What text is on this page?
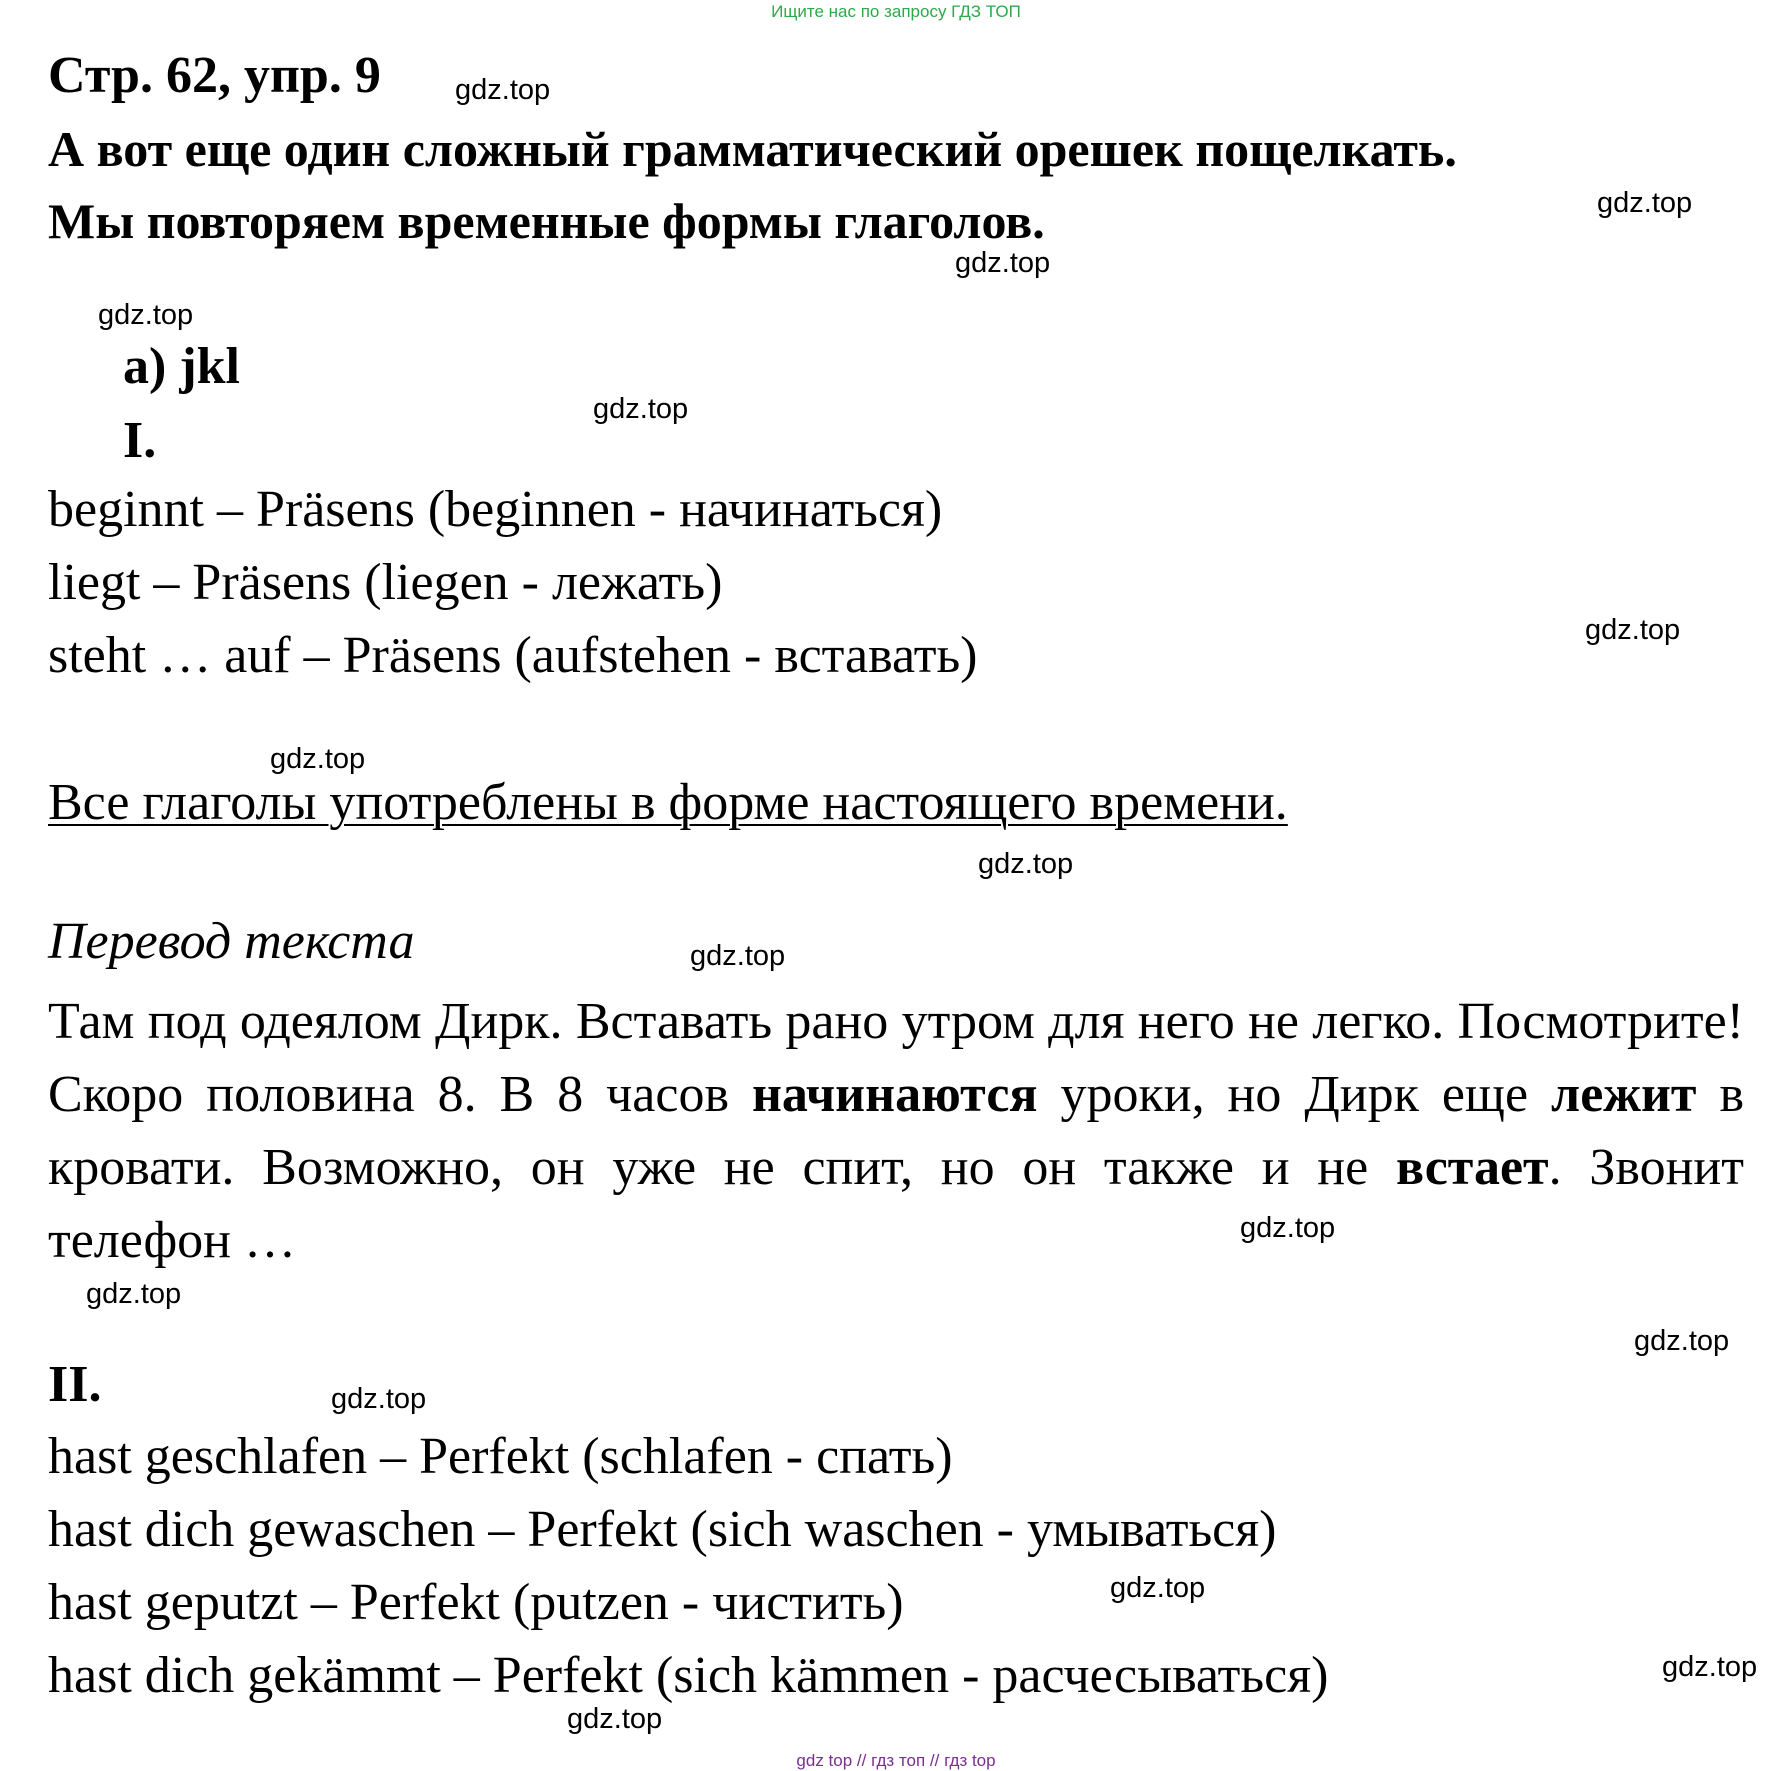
Ищите нас по запросу ГДЗ ТОП
Стр. 62, упр. 9	gdz.top
А вот еще один сложный грамматический орешек пощелкать.
Мы повторяем временные формы глаголов.	gdz.top
gdz.top
gdz.top
a) jkl
gdz.top
I.
beginnt – Präsens (beginnen - начинаться)
liegt – Präsens (liegen - лежать)
steht … auf – Präsens (aufstehen - вставать)	gdz.top
gdz.top
Все глаголы употреблены в форме настоящего времени.
gdz.top
Перевод текста	gdz.top
Там под одеялом Дирк. Вставать рано утром для него не легко. Посмотрите! Скоро половина 8. В 8 часов начинаются уроки, но Дирк еще лежит в кровати. Возможно, он уже не спит, но он также и не встает. Звонит телефон …	gdz.top
gdz.top
gdz.top
II.	gdz.top
hast geschlafen – Perfekt (schlafen - спать)
hast dich gewaschen – Perfekt (sich waschen - умываться)
hast geputzt – Perfekt (putzen - чистить)	gdz.top
hast dich gekämmt – Perfekt (sich kämmen - расчесываться)	gdz.top
gdz.top
gdz top // гдз топ // гдз top
